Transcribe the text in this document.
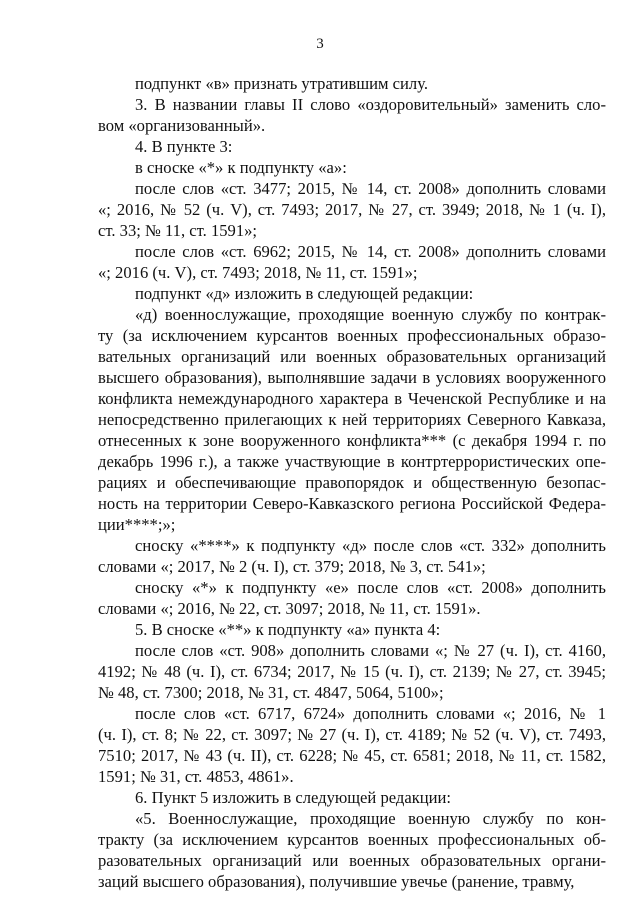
3
подпункт «в» признать утратившим силу.
3. В названии главы II слово «оздоровительный» заменить сло-
вом «организованный».
4. В пункте 3:
в сноске «*» к подпункту «а»:
после слов «ст. 3477; 2015, № 14, ст. 2008» дополнить словами
«; 2016, № 52 (ч. V), ст. 7493; 2017, № 27, ст. 3949; 2018, № 1 (ч. I),
ст. 33; № 11, ст. 1591»;
после слов «ст. 6962; 2015, № 14, ст. 2008» дополнить словами
«; 2016 (ч. V), ст. 7493; 2018, № 11, ст. 1591»;
подпункт «д» изложить в следующей редакции:
«д) военнослужащие, проходящие военную службу по контрак-
ту (за исключением курсантов военных профессиональных образо-
вательных организаций или военных образовательных организаций
высшего образования), выполнявшие задачи в условиях вооруженного
конфликта немеждународного характера в Чеченской Республике и на
непосредственно прилегающих к ней территориях Северного Кавказа,
отнесенных к зоне вооруженного конфликта*** (с декабря 1994 г. по
декабрь 1996 г.), а также участвующие в контртеррористических опе-
рациях и обеспечивающие правопорядок и общественную безопас-
ность на территории Северо-Кавказского региона Российской Федера-
ции****;»;
сноску «****» к подпункту «д» после слов «ст. 332» дополнить
словами «; 2017, № 2 (ч. I), ст. 379; 2018, № 3, ст. 541»;
сноску «*» к подпункту «е» после слов «ст. 2008» дополнить
словами «; 2016, № 22, ст. 3097; 2018, № 11, ст. 1591».
5. В сноске «**» к подпункту «а» пункта 4:
после слов «ст. 908» дополнить словами «; № 27 (ч. I), ст. 4160,
4192; № 48 (ч. I), ст. 6734; 2017, № 15 (ч. I), ст. 2139; № 27, ст. 3945;
№ 48, ст. 7300; 2018, № 31, ст. 4847, 5064, 5100»;
после слов «ст. 6717, 6724» дополнить словами «; 2016, № 1
(ч. I), ст. 8; № 22, ст. 3097; № 27 (ч. I), ст. 4189; № 52 (ч. V), ст. 7493,
7510; 2017, № 43 (ч. II), ст. 6228; № 45, ст. 6581; 2018, № 11, ст. 1582,
1591; № 31, ст. 4853, 4861».
6. Пункт 5 изложить в следующей редакции:
«5. Военнослужащие, проходящие военную службу по кон-
тракту (за исключением курсантов военных профессиональных об-
разовательных организаций или военных образовательных органи-
заций высшего образования), получившие увечье (ранение, травму,
